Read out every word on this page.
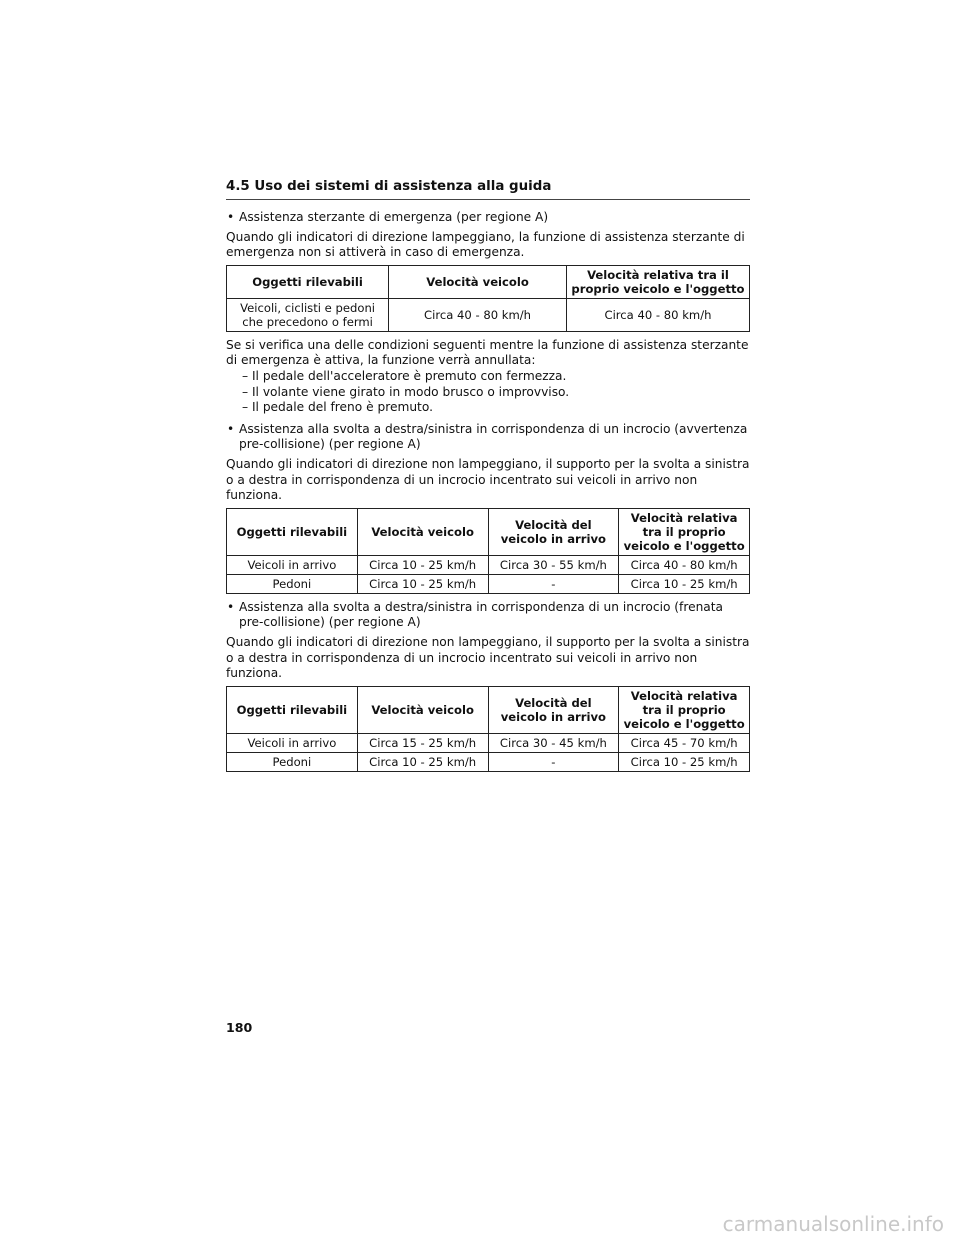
4.5 Uso dei sistemi di assistenza alla guida
• Assistenza sterzante di emergenza (per regione A)

Quando gli indicatori di direzione lampeggiano, la funzione di assistenza sterzante di emergenza non si attiverà in caso di emergenza.

Oggetti rilevabili	Velocità veicolo	Velocità relativa tra il proprio veicolo e l'oggetto
Veicoli, ciclisti e pedoni che precedono o fermi	Circa 40 - 80 km/h	Circa 40 - 80 km/h

Se si verifica una delle condizioni seguenti mentre la funzione di assistenza sterzante di emergenza è attiva, la funzione verrà annullata:

– Il pedale dell'acceleratore è premuto con fermezza.

– Il volante viene girato in modo brusco o improvviso.

– Il pedale del freno è premuto.

• Assistenza alla svolta a destra/sinistra in corrispondenza di un incrocio (avvertenza pre-collisione) (per regione A)

Quando gli indicatori di direzione non lampeggiano, il supporto per la svolta a sinistra o a destra in corrispondenza di un incrocio incentrato sui veicoli in arrivo non funziona.

Oggetti rilevabili	Velocità veicolo	Velocità del veicolo in arrivo	Velocità relativa tra il proprio veicolo e l'oggetto
Veicoli in arrivo	Circa 10 - 25 km/h	Circa 30 - 55 km/h	Circa 40 - 80 km/h
Pedoni	Circa 10 - 25 km/h	-	Circa 10 - 25 km/h
• Assistenza alla svolta a destra/sinistra in corrispondenza di un incrocio (frenata pre-collisione) (per regione A)

Quando gli indicatori di direzione non lampeggiano, il supporto per la svolta a sinistra o a destra in corrispondenza di un incrocio incentrato sui veicoli in arrivo non funziona.

Oggetti rilevabili	Velocità veicolo	Velocità del veicolo in arrivo	Velocità relativa tra il proprio veicolo e l'oggetto
Veicoli in arrivo	Circa 15 - 25 km/h	Circa 30 - 45 km/h	Circa 45 - 70 km/h
Pedoni	Circa 10 - 25 km/h	-	Circa 10 - 25 km/h
180
carmanualsonline.info
